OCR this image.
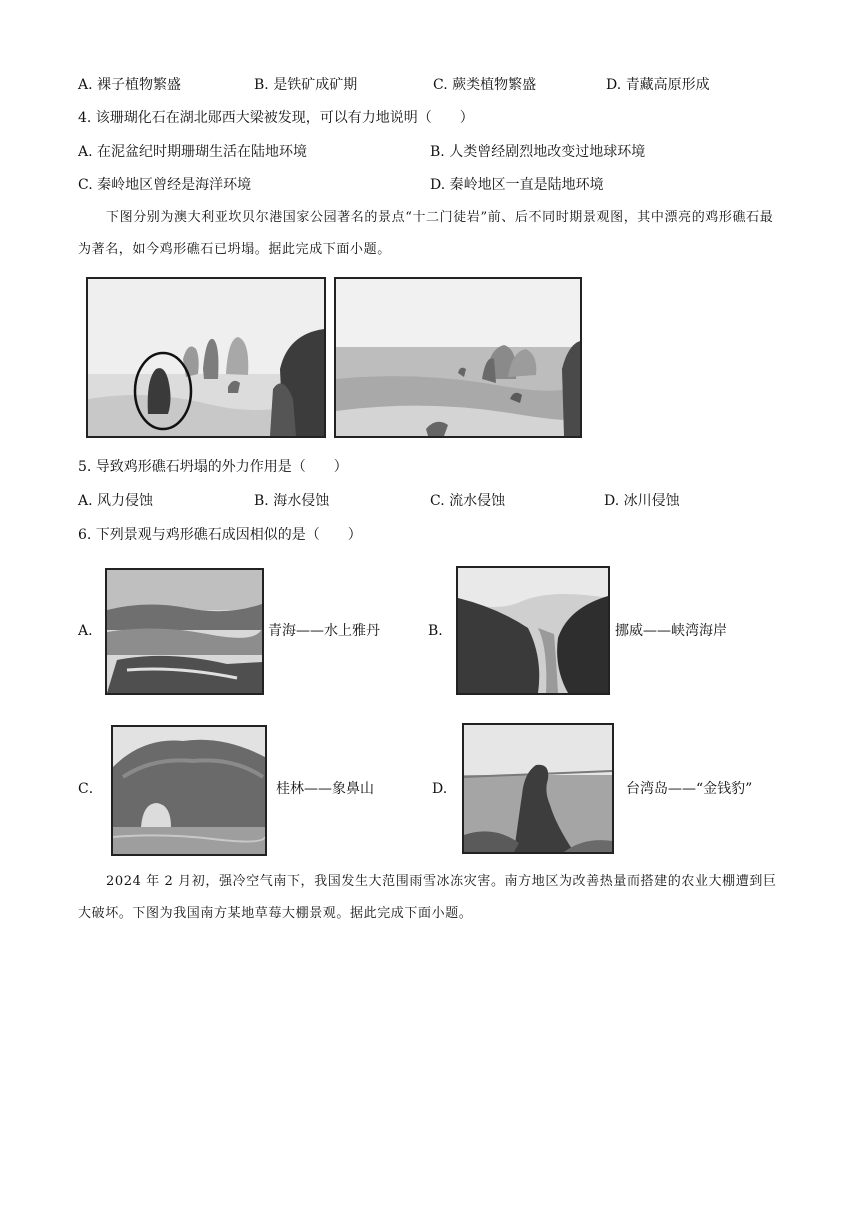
A. 裸子植物繁盛	B. 是铁矿成矿期	C. 蕨类植物繁盛	D. 青藏高原形成
4. 该珊瑚化石在湖北郧西大梁被发现，可以有力地说明（　　）
A. 在泥盆纪时期珊瑚生活在陆地环境	B. 人类曾经剧烈地改变过地球环境
C. 秦岭地区曾经是海洋环境	D. 秦岭地区一直是陆地环境
下图分别为澳大利亚坎贝尔港国家公园著名的景点“十二门徒岩”前、后不同时期景观图，其中漂亮的鸡形礁石最为著名，如今鸡形礁石已坍塌。据此完成下面小题。
5. 导致鸡形礁石坍塌的外力作用是（　　）
A. 风力侵蚀	B. 海水侵蚀	C. 流水侵蚀	D. 冰川侵蚀
6. 下列景观与鸡形礁石成因相似的是（　　）
A.	青海——水上雅丹	B.	挪威——峡湾海岸
C．	桂林——象鼻山	D.	台湾岛——“金钱豹”
2024 年 2 月初，强冷空气南下，我国发生大范围雨雪冰冻灾害。南方地区为改善热量而搭建的农业大棚遭到巨大破坏。下图为我国南方某地草莓大棚景观。据此完成下面小题。
